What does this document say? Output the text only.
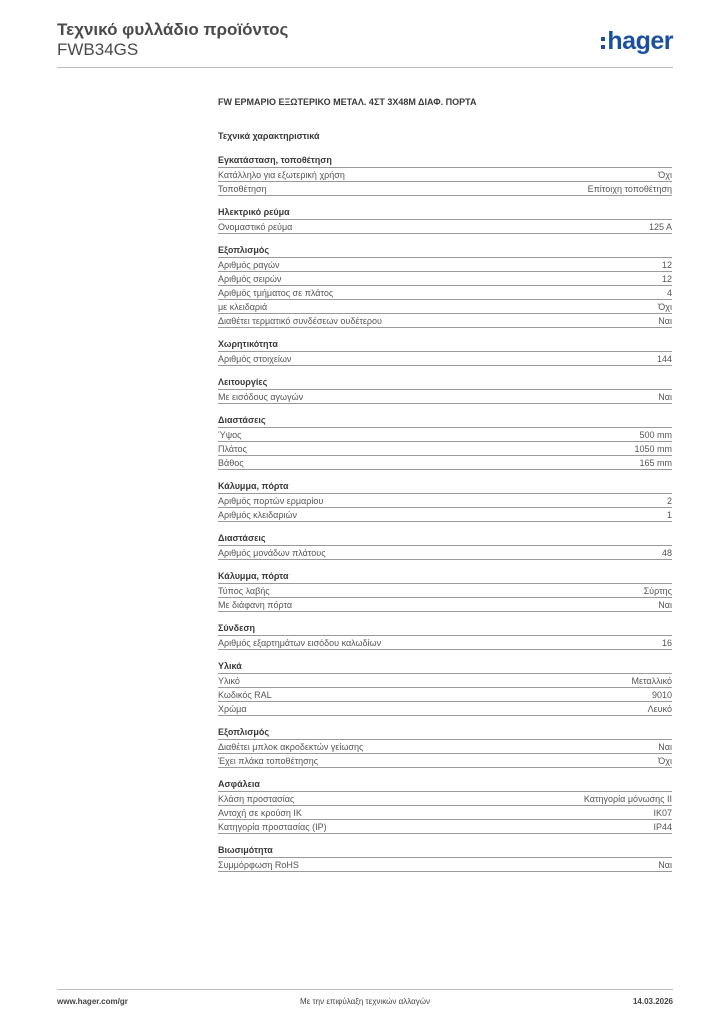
Τεχνικό φυλλάδιο προϊόντος
FWB34GS	hager
FW ΕΡΜΑΡΙΟ ΕΞΩΤΕΡΙΚΟ ΜΕΤΑΛ. 4ΣΤ 3Χ48Μ ΔΙΑΦ. ΠΟΡΤΑ
Τεχνικά χαρακτηριστικά
Εγκατάσταση, τοποθέτηση
Κατάλληλο για εξωτερική χρήση	Όχι
Τοποθέτηση	Επίτοιχη τοποθέτηση
Ηλεκτρικό ρεύμα
Ονομαστικό ρεύμα	125 A
Εξοπλισμός
Αριθμός ραγών	12
Αριθμός σειρών	12
Αριθμός τμήματος σε πλάτος	4
με κλειδαριά	Όχι
Διαθέτει τερματικό συνδέσεων ουδέτερου	Ναι
Χωρητικότητα
Αριθμός στοιχείων	144
Λειτουργίες
Με εισόδους αγωγών	Ναι
Διαστάσεις
Ύψος	500 mm
Πλάτος	1050 mm
Βάθος	165 mm
Κάλυμμα, πόρτα
Αριθμός πορτών ερμαρίου	2
Αριθμός κλειδαριών	1
Διαστάσεις
Αριθμός μονάδων πλάτους	48
Κάλυμμα, πόρτα
Τύπος λαβής	Σύρτης
Με διάφανη πόρτα	Ναι
Σύνδεση
Αριθμός εξαρτημάτων εισόδου καλωδίων	16
Υλικά
Υλικό	Μεταλλικό
Κωδικός RAL	9010
Χρώμα	Λευκό
Εξοπλισμός
Διαθέτει μπλοκ ακροδεκτών γείωσης	Ναι
Έχει πλάκα τοποθέτησης	Όχι
Ασφάλεια
Κλάση προστασίας	Κατηγορία μόνωσης II
Αντοχή σε κρούση IK	IK07
Κατηγορία προστασίας (IP)	IP44
Βιωσιμότητα
Συμμόρφωση RoHS	Ναι
www.hager.com/gr	Με την επιφύλαξη τεχνικών αλλαγών	14.03.2026
